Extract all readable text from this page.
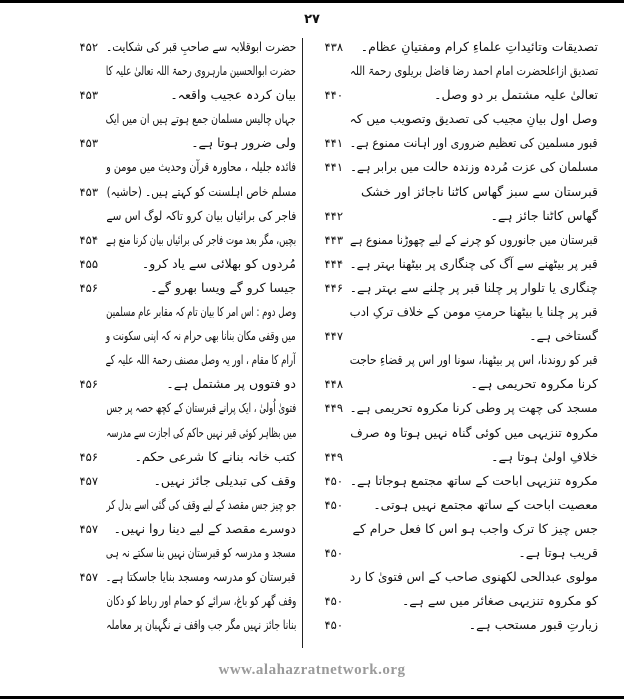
٢٧
تصدیقات وتائیداتِ علماءِ کرام ومفتیانِ عظام۔
۴۳۸
حضرت ابوقلابہ سے صاحبِ قبر کی شکایت۔
۴۵۲
تصدیق ازاعلحضرت امام احمد رضا فاضل بریلوی رحمۃ اللہ
حضرت ابوالحسین مارہروی رحمۃ اللہ تعالیٰ علیہ کا
تعالیٰ علیہ مشتمل بر دو وصل۔
۴۴۰
بیان کردہ عجیب واقعہ۔
۴۵۳
وصل اول بیانِ مجیب کی تصدیق وتصویب میں کہ
جہاں چالیس مسلمان جمع ہوتے ہیں ان میں ایک
قبور مسلمین کی تعظیم ضروری اور اہانت ممنوع ہے۔
۴۴۱
ولی ضرور ہوتا ہے۔
۴۵۳
مسلمان کی عزت مُردہ وزندہ حالت میں برابر ہے۔
۴۴۱
فائدہ جلیلہ ، محاورہ قرآن وحدیث میں مومن و
قبرستان سے سبز گھاس کاٹنا ناجائز اور خشک
مسلم خاص اہلسنت کو کہتے ہیں۔ (حاشیہ)
۴۵۳
گھاس کاٹنا جائز ہے۔
۴۴۲
فاجر کی برائیاں بیان کرو تاکہ لوگ اس سے
قبرستان میں جانوروں کو چرنے کے لیے چھوڑنا ممنوع ہے
۴۴۳
بچیں، مگر بعد موت فاجر کی برائیاں بیان کرنا منع ہے
۴۵۴
قبر پر بیٹھنے سے آگ کی چنگاری پر بیٹھنا بہتر ہے۔
۴۴۴
مُردوں کو بھلائی سے یاد کرو۔
۴۵۵
چنگاری یا تلوار پر چلنا قبر پر چلنے سے بہتر ہے۔
۴۴۶
جیسا کرو گے ویسا بھرو گے۔
۴۵۶
قبر پر چلنا یا بیٹھنا حرمتِ مومن کے خلاف ترکِ ادب
وصل دوم : اس امر کا بیان تام کہ مقابر عام مسلمین
گستاخی ہے۔
۴۴۷
میں وقفی مکان بنانا بھی حرام نہ کہ اپنی سکونت و
قبر کو روندنا، اس پر بیٹھنا، سونا اور اس پر قضاءِ حاجت
آرام کا مقام ، اور یہ وصل مصنف رحمۃ اللہ علیہ کے
کرنا مکروہ تحریمی ہے۔
۴۴۸
دو فتووں پر مشتمل ہے۔
۴۵۶
مسجد کی چھت پر وطی کرنا مکروہ تحریمی ہے۔
۴۴۹
فتویٰ اُولیٰ ، ایک پرانے قبرستان کے کچھ حصہ پر جس
مکروہ تنزیہی میں کوئی گناہ نہیں ہوتا وہ صرف
میں بظاہر کوئی قبر نہیں حاکم کی اجازت سے مدرسہ
خلافِ اولیٰ ہوتا ہے۔
۴۴۹
کتب خانہ بنانے کا شرعی حکم۔
۴۵۶
مکروہ تنزیہی اباحت کے ساتھ مجتمع ہوجاتا ہے۔
۴۵۰
وقف کی تبدیلی جائز نہیں۔
۴۵۷
معصیت اباحت کے ساتھ مجتمع نہیں ہوتی۔
۴۵۰
جو چیز جس مقصد کے لیے وقف کی گئی اسے بدل کر
جس چیز کا ترک واجب ہو اس کا فعل حرام کے
دوسرے مقصد کے لیے دینا روا نہیں۔
۴۵۷
قریب ہوتا ہے۔
۴۵۰
مسجد و مدرسہ کو قبرستان نہیں بنا سکتے نہ ہی
مولوی عبدالحی لکھنوی صاحب کے اس فتویٰ کا رد
قبرستان کو مدرسہ ومسجد بنایا جاسکتا ہے۔
۴۵۷
کو مکروہ تنزیہی صغائر میں سے ہے۔
۴۵۰
وقف گھر کو باغ، سرائے کو حمام اور رباط کو دکان
زیارتِ قبور مستحب ہے۔
۴۵۰
بنانا جائز نہیں مگر جب واقف نے نگہبان پر معاملہ
www.alahazratnetwork.org
